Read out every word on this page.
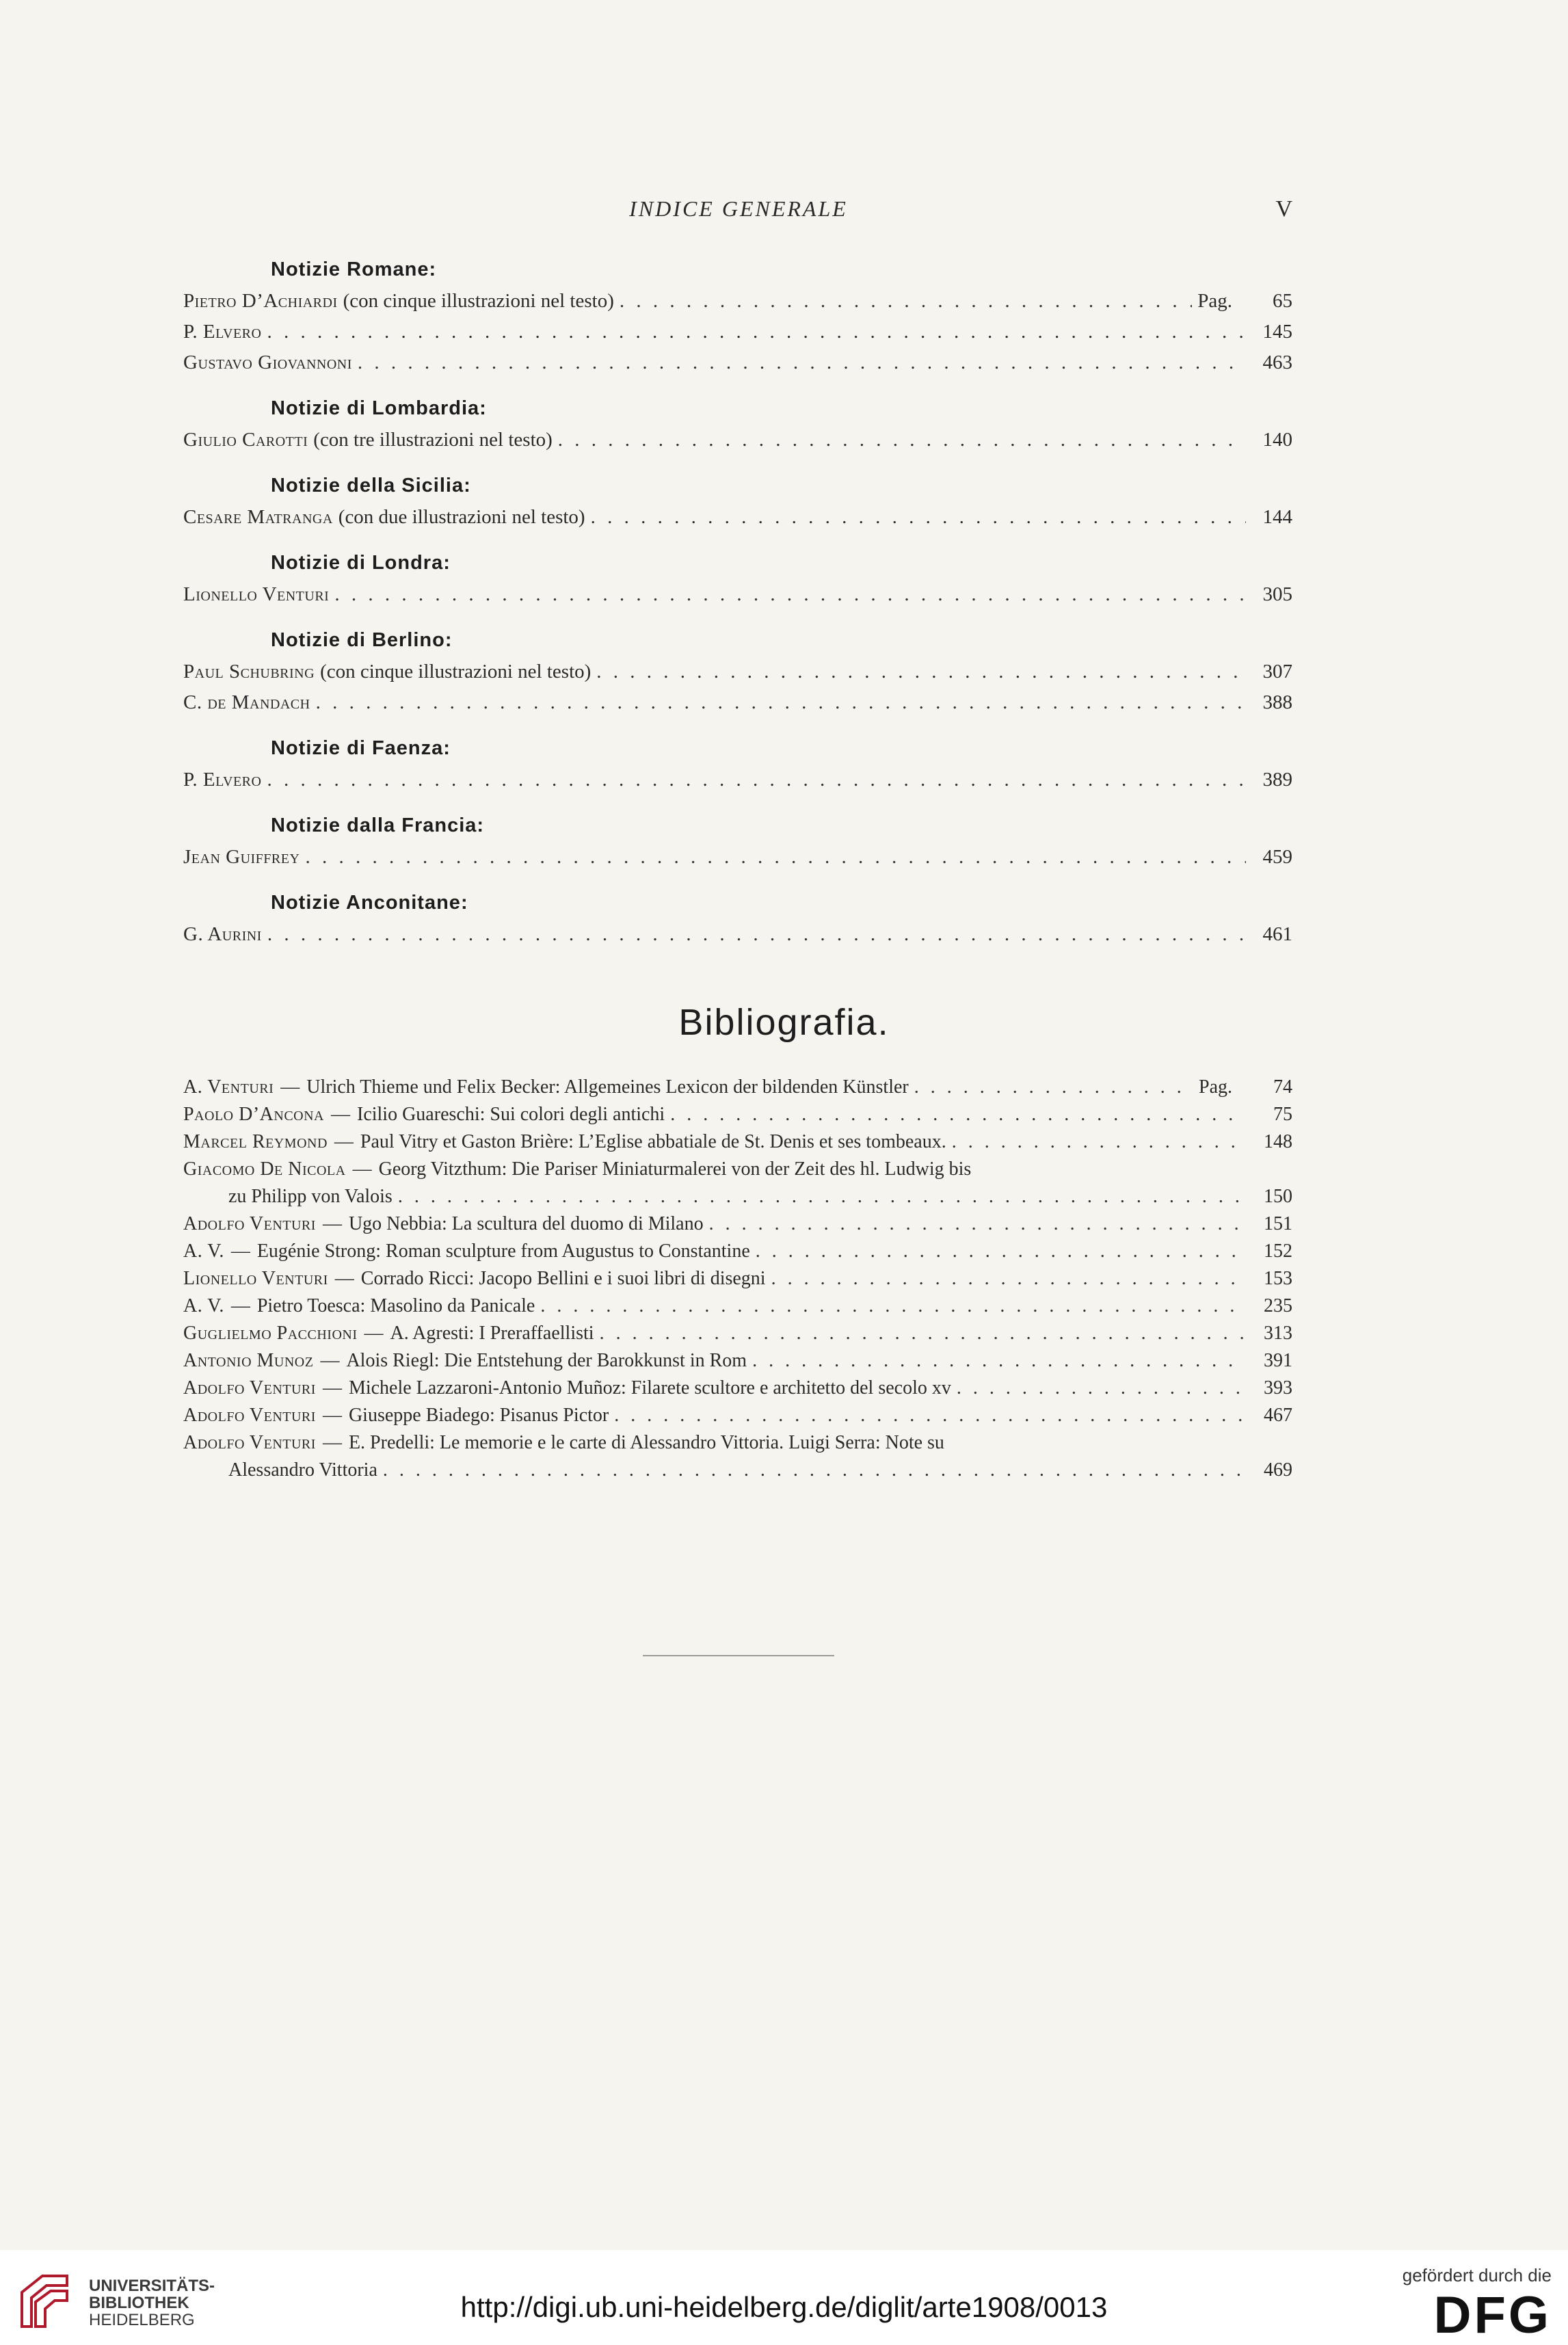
INDICE GENERALE	V
Notizie Romane:
Pietro D’Achiardi (con cinque illustrazioni nel testo) . . .	Pag.	65
P. Elvero . . .	145
Gustavo Giovannoni . . .	463
Notizie di Lombardia:
Giulio Carotti (con tre illustrazioni nel testo) . . .	140
Notizie della Sicilia:
Cesare Matranga (con due illustrazioni nel testo) . . .	144
Notizie di Londra:
Lionello Venturi . . .	305
Notizie di Berlino:
Paul Schubring (con cinque illustrazioni nel testo) . . .	307
C. de Mandach . . .	388
Notizie di Faenza:
P. Elvero . . .	389
Notizie dalla Francia:
Jean Guiffrey . . .	459
Notizie Anconitane:
G. Aurini . . .	461
Bibliografia.
A. Venturi — Ulrich Thieme und Felix Becker: Allgemeines Lexicon der bildenden Künstler . . .	Pag.	74
Paolo D’Ancona — Icilio Guareschi: Sui colori degli antichi . . .	75
Marcel Reymond — Paul Vitry et Gaston Brière: L’Eglise abbatiale de St. Denis et ses tombeaux. . . .	148
Giacomo De Nicola — Georg Vitzthum: Die Pariser Miniaturmalerei von der Zeit des hl. Ludwig bis
zu Philipp von Valois . . .	150
Adolfo Venturi — Ugo Nebbia: La scultura del duomo di Milano . . .	151
A. V. — Eugénie Strong: Roman sculpture from Augustus to Constantine . . .	152
Lionello Venturi — Corrado Ricci: Jacopo Bellini e i suoi libri di disegni . . .	153
A. V. — Pietro Toesca: Masolino da Panicale . . .	235
Guglielmo Pacchioni — A. Agresti: I Preraffaellisti . . .	313
Antonio Munoz — Alois Riegl: Die Entstehung der Barokkunst in Rom . . .	391
Adolfo Venturi — Michele Lazzaroni-Antonio Muñoz: Filarete scultore e architetto del secolo xv . . .	393
Adolfo Venturi — Giuseppe Biadego: Pisanus Pictor . . .	467
Adolfo Venturi — E. Predelli: Le memorie e le carte di Alessandro Vittoria. Luigi Serra: Note su
Alessandro Vittoria . . .	469
UNIVERSITÄTS-
BIBLIOTHEK
HEIDELBERG	http://digi.ub.uni-heidelberg.de/diglit/arte1908/0013
gefördert durch die
DFG
